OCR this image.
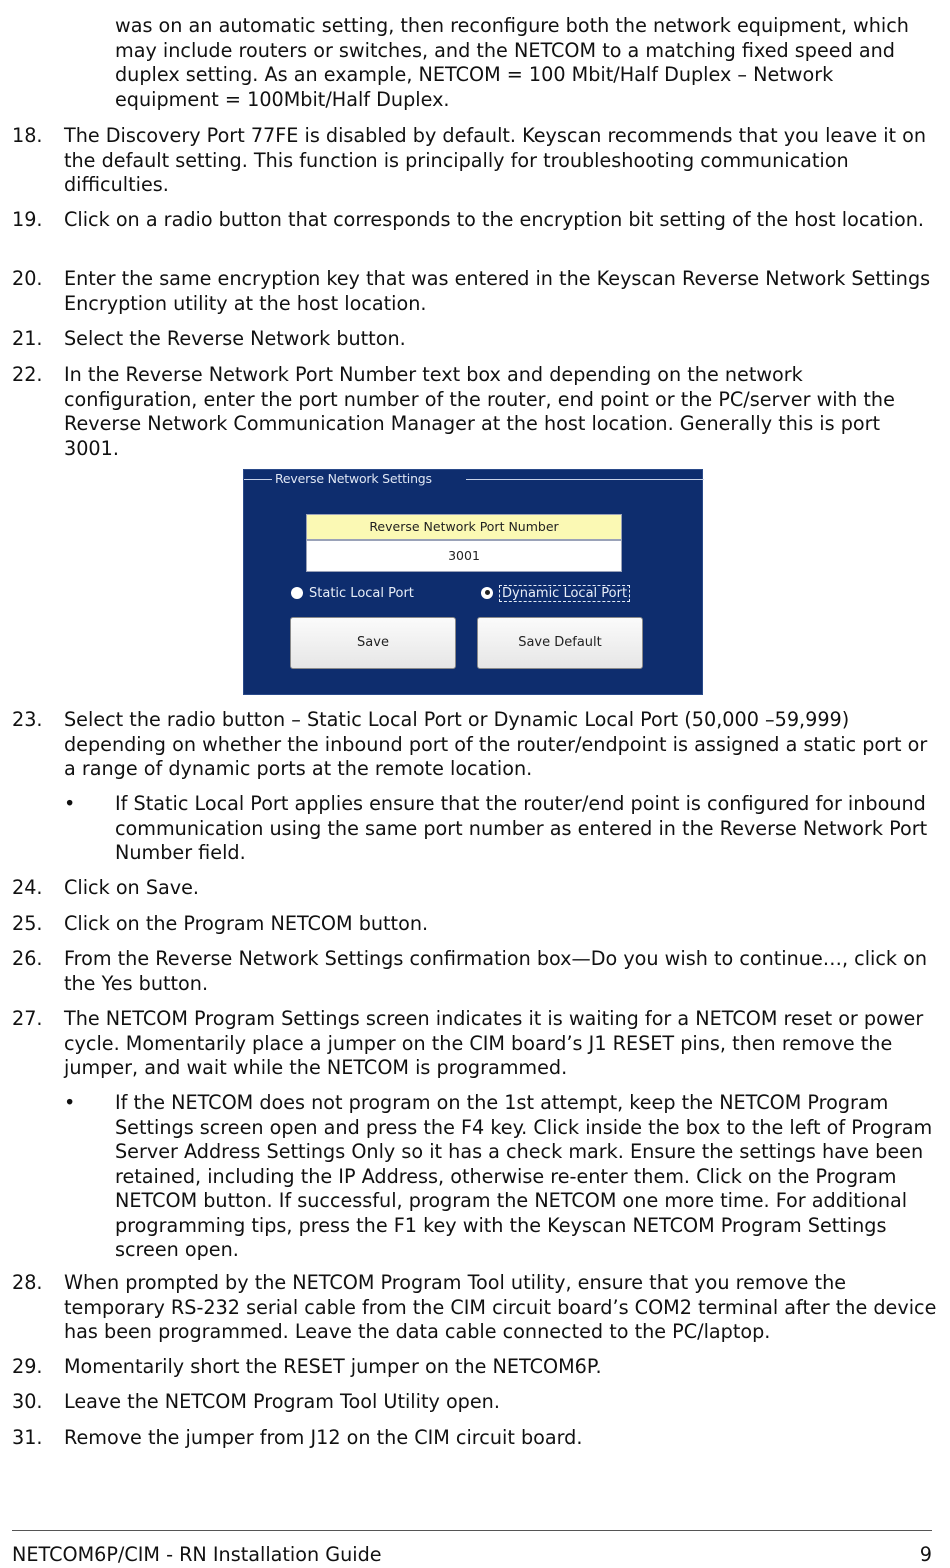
was on an automatic setting, then reconfigure both the network equipment, which may include routers or switches, and the NETCOM to a matching fixed speed and duplex setting. As an example, NETCOM = 100 Mbit/Half Duplex – Network equipment = 100Mbit/Half Duplex.
18.	The Discovery Port 77FE is disabled by default. Keyscan recommends that you leave it on the default setting. This function is principally for troubleshooting communication difficulties.
19.	Click on a radio button that corresponds to the encryption bit setting of the host location.
20.	Enter the same encryption key that was entered in the Keyscan Reverse Network Settings Encryption utility at the host location.
21.	Select the Reverse Network button.
22.	In the Reverse Network Port Number text box and depending on the network configuration, enter the port number of the router, end point or the PC/server with the Reverse Network Communication Manager at the host location. Generally this is port 3001.
Reverse Network Settings
Reverse Network Port Number
3001
Static Local Port	Dynamic Local Port
Save	Save Default
23.	Select the radio button – Static Local Port or Dynamic Local Port (50,000 –59,999) depending on whether the inbound port of the router/endpoint is assigned a static port or a range of dynamic ports at the remote location.
• If Static Local Port applies ensure that the router/end point is configured for inbound communication using the same port number as entered in the Reverse Network Port Number field.
24.	Click on Save.
25.	Click on the Program NETCOM button.
26.	From the Reverse Network Settings confirmation box—Do you wish to continue…, click on the Yes button.
27.	The NETCOM Program Settings screen indicates it is waiting for a NETCOM reset or power cycle. Momentarily place a jumper on the CIM board’s J1 RESET pins, then remove the jumper, and wait while the NETCOM is programmed.
• If the NETCOM does not program on the 1st attempt, keep the NETCOM Program Settings screen open and press the F4 key. Click inside the box to the left of Program Server Address Settings Only so it has a check mark. Ensure the settings have been retained, including the IP Address, otherwise re-enter them. Click on the Program NETCOM button. If successful, program the NETCOM one more time. For additional programming tips, press the F1 key with the Keyscan NETCOM Program Settings screen open.
28.	When prompted by the NETCOM Program Tool utility, ensure that you remove the temporary RS-232 serial cable from the CIM circuit board’s COM2 terminal after the device has been programmed. Leave the data cable connected to the PC/laptop.
29.	Momentarily short the RESET jumper on the NETCOM6P.
30.	Leave the NETCOM Program Tool Utility open.
31.	Remove the jumper from J12 on the CIM circuit board.
NETCOM6P/CIM - RN Installation Guide	9
